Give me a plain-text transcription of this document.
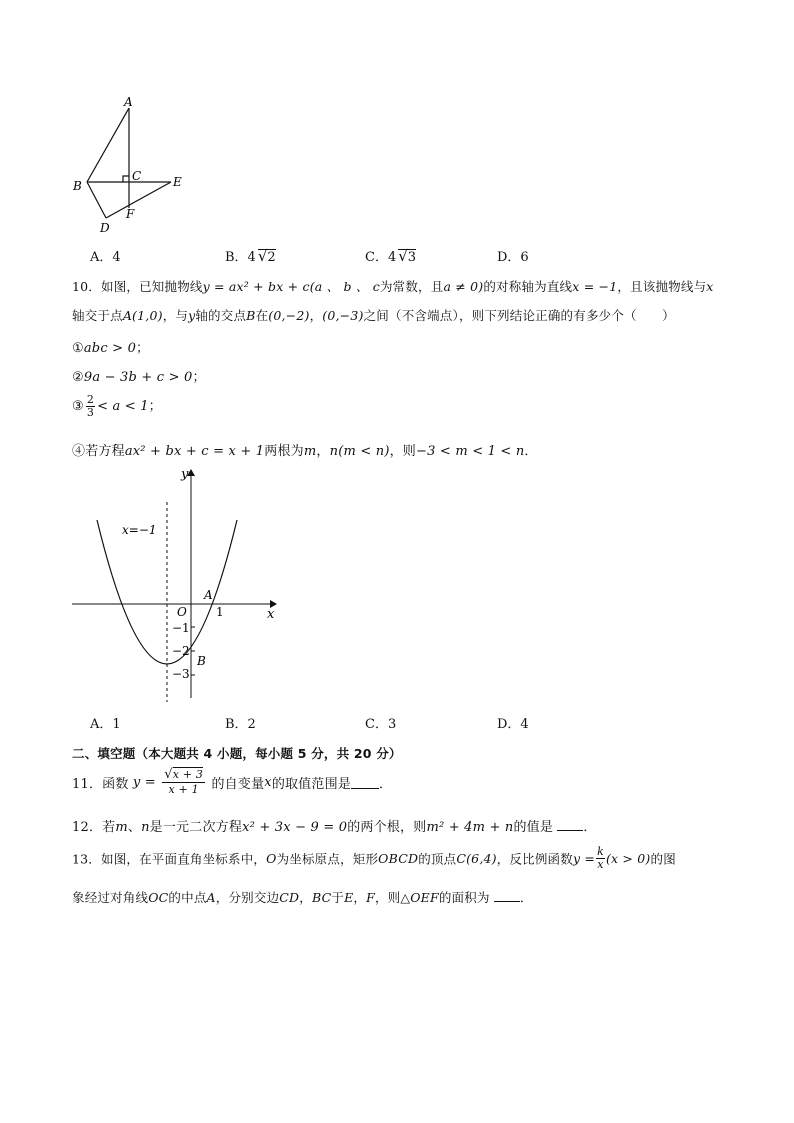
A
B
C
D
E
F
A．4	B．4 √2	C．4 √3	D．6
10．如图，已知抛物线y = ax² + bx + c(a 、 b 、 c为常数，且a ≠ 0)的对称轴为直线x = −1，且该抛物线与x
轴交于点A(1,0)，与y轴的交点B在(0,−2)，(0,−3)之间（不含端点），则下列结论正确的有多少个（　　）
①abc > 0；
②9a − 3b + c > 0；
③ $\frac{2}{3} < a < 1$；
④若方程ax² + bx + c = x + 1两根为m，n(m < n)，则−3 < m < 1 < n．
y
x
x=−1
O
A
1
−1
−2
−3
B
A．1	B．2	C．3	D．4
二、填空题（本大题共 4 小题，每小题 5 分，共 20 分）
11．函数 $y = \frac{√x + 3}{x + 1}$ 的自变量x的取值范围是 ．
12．若m、n是一元二次方程x² + 3x − 9 = 0的两个根，则m² + 4m + n的值是 ．
13．如图，在平面直角坐标系中，O为坐标原点，矩形OBCD的顶点C(6,4)，反比例函数$y = \frac{k}{x} (x > 0)$的图
象经过对角线OC的中点A，分别交边CD，BC于E，F，则△OEF的面积为 ．
